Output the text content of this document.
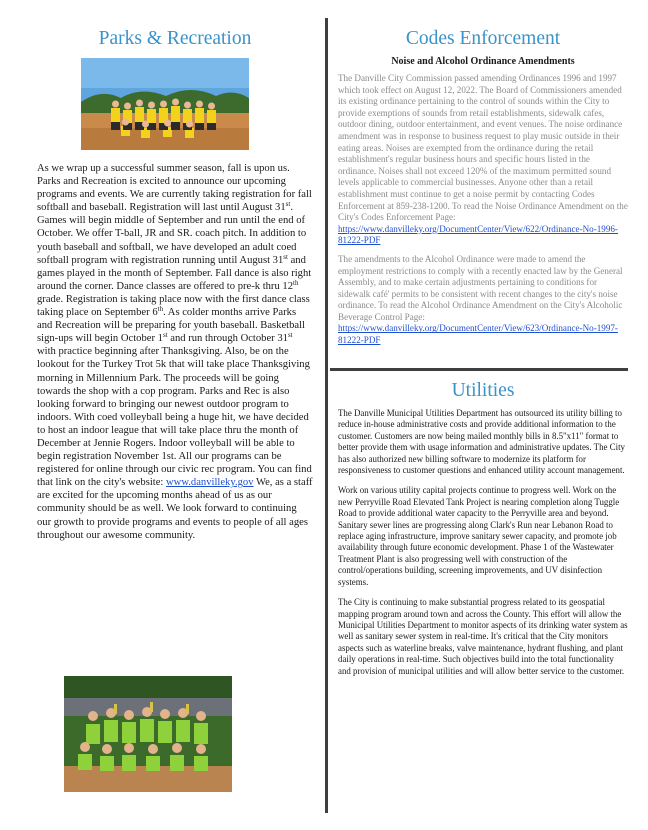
Parks & Recreation
As we wrap up a successful summer season, fall is upon us. Parks and Recreation is excited to announce our upcoming programs and events. We are currently taking registration for fall softball and baseball. Registration will last until August 31st. Games will begin middle of September and run until the end of October. We offer T-ball, JR and SR. coach pitch. In addition to youth baseball and softball, we have developed an adult coed softball program with registration running until August 31st and games played in the month of September. Fall dance is also right around the corner. Dance classes are offered to pre-k thru 12th grade. Registration is taking place now with the first dance class taking place on September 6th. As colder months arrive Parks and Recreation will be preparing for youth baseball. Basketball sign-ups will begin October 1st and run through October 31st with practice beginning after Thanksgiving. Also, be on the lookout for the Turkey Trot 5k that will take place Thanksgiving morning in Millennium Park. The proceeds will be going towards the shop with a cop program. Parks and Rec is also looking forward to bringing our newest outdoor program to indoors. With coed volleyball being a huge hit, we have decided to host an indoor league that will take place thru the month of December at Jennie Rogers. Indoor volleyball will be able to begin registration November 1st. All our programs can be registered for online through our civic rec program. You can find that link on the city's website: www.danvilleky.gov We, as a staff are excited for the upcoming months ahead of us as our community should be as well. We look forward to continuing our growth to provide programs and events to people of all ages throughout our awesome community.
Codes Enforcement
Noise and Alcohol Ordinance Amendments

The Danville City Commission passed amending Ordinances 1996 and 1997 which took effect on August 12, 2022. The Board of Commissioners amended its existing ordinance pertaining to the control of sounds within the City to provide exemptions of sounds from retail establishments, sidewalk cafes, outdoor dining, outdoor entertainment, and event venues. The noise ordinance amendment was in response to business request to play music outside in their eating areas. Noises are exempted from the ordinance during the retail establishment's regular business hours and specific hours listed in the ordinance. Noises shall not exceed 120% of the maximum permitted sound levels applicable to commercial businesses. Anyone other than a retail establishment must continue to get a noise permit by contacting Codes Enforcement at 859-238-1200. To read the Noise Ordinance Amendment on the City's Codes Enforcement Page: https://www.danvilleky.org/DocumentCenter/View/622/Ordinance-No-1996-81222-PDF

The amendments to the Alcohol Ordinance were made to amend the employment restrictions to comply with a recently enacted law by the General Assembly, and to make certain adjustments pertaining to conditions for sidewalk café' permits to be consistent with recent changes to the city's noise ordinance. To read the Alcohol Ordinance Amendment on the City's Alcoholic Beverage Control Page: https://www.danvilleky.org/DocumentCenter/View/623/Ordinance-No-1997-81222-PDF

Utilities

The Danville Municipal Utilities Department has outsourced its utility billing to reduce in-house administrative costs and provide additional information to the customer. Customers are now being mailed monthly bills in 8.5"x11" format to better provide them with usage information and administrative updates. The City has also authorized new billing software to modernize its platform for responsiveness to customer questions and enhanced utility account management.

Work on various utility capital projects continue to progress well. Work on the new Perryville Road Elevated Tank Project is nearing completion along Tuggle Road to provide additional water capacity to the Perryville area and beyond. Sanitary sewer lines are progressing along Clark's Run near Lebanon Road to replace aging infrastructure, improve sanitary sewer capacity, and promote job availability through future economic development. Phase 1 of the Wastewater Treatment Plant is also progressing well with construction of the control/operations building, screening improvements, and UV disinfection systems.

The City is continuing to make substantial progress related to its geospatial mapping program around town and across the County. This effort will allow the Municipal Utilities Department to monitor aspects of its drinking water system as well as sanitary sewer system in real-time. It's critical that the City monitors aspects such as waterline breaks, valve maintenance, hydrant flushing, and plant daily operations in real-time. Such objectives build into the total functionality and provision of municipal utilities and will allow better service to the customer.
